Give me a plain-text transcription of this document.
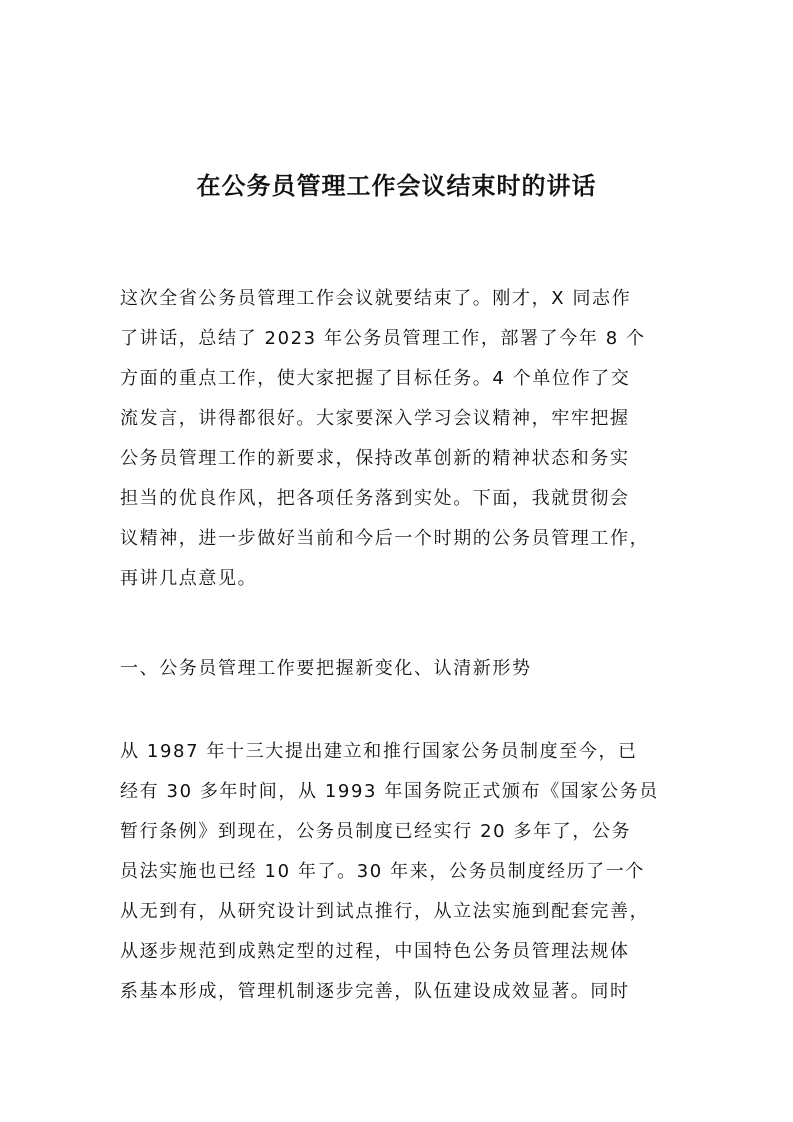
在公务员管理工作会议结束时的讲话
这次全省公务员管理工作会议就要结束了。刚才，X 同志作
了讲话，总结了 2023 年公务员管理工作，部署了今年 8 个
方面的重点工作，使大家把握了目标任务。4 个单位作了交
流发言，讲得都很好。大家要深入学习会议精神，牢牢把握
公务员管理工作的新要求，保持改革创新的精神状态和务实
担当的优良作风，把各项任务落到实处。下面，我就贯彻会
议精神，进一步做好当前和今后一个时期的公务员管理工作，
再讲几点意见。
一、公务员管理工作要把握新变化、认清新形势
从 1987 年十三大提出建立和推行国家公务员制度至今，已
经有 30 多年时间，从 1993 年国务院正式颁布《国家公务员
暂行条例》到现在，公务员制度已经实行 20 多年了，公务
员法实施也已经 10 年了。30 年来，公务员制度经历了一个
从无到有，从研究设计到试点推行，从立法实施到配套完善，
从逐步规范到成熟定型的过程，中国特色公务员管理法规体
系基本形成，管理机制逐步完善，队伍建设成效显著。同时
